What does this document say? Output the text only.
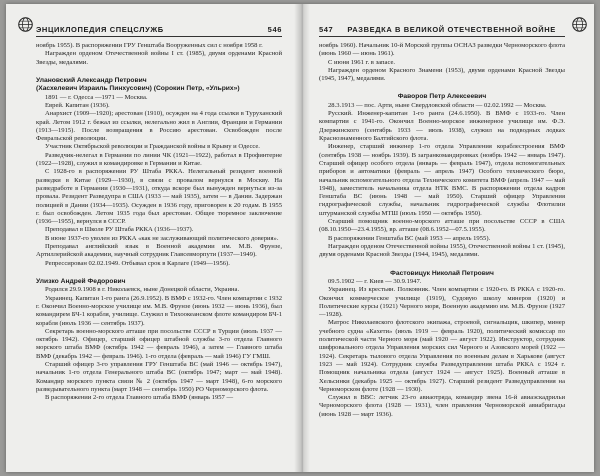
ЭНЦИКЛОПЕДИЯ СПЕЦСЛУЖБ	546

ноябрь 1955). В распоряжении ГРУ Генштаба Вооруженных сил с ноября 1958 г.

Награжден орденом Отечественной войны I ст. (1985), двумя орденами Красной Звезды, медалями.

Улановский Александр Петрович

(Хасхелевич Израиль Пинхусович) (Сорокин Петр, «Ульрих»)

1891 — г. Одесса —1971 — Москва.

Еврей. Капитан (1936).

Анархист (1909—1920); арестован (1910), осужден на 4 года ссылки в Туруханский край. Летом 1912 г. бежал из ссылки, нелегально жил в Англии, Франции и Германии (1913—1915). После возвращения в Россию арестован. Освобожден после Февральской революции.

Участник Октябрьской революции и Гражданской войны в Крыму и Одессе.

Разведчик-нелегал в Германии по линии ЧК (1921—1922), работал в Профинтерне (1922—1928), служил в командировке в Германии и Китае.

С 1928-го в распоряжении РУ Штаба РККА. Нелегальный резидент военной разведки в Китае (1929—1930), в связи с провалом вернулся в Москву. На разведработе в Германии (1930—1931), откуда вскоре был вынужден вернуться из-за провала. Резидент Разведупра в США (1933 — май 1935), затем — в Дании. Задержан полицией в Дании (1934—1935). Осужден в 1936 году, приговорен к 20 годам. В 1955 г. был освобожден. Летом 1935 года был арестован. Общее тюремное заключение (1936—1955), вернулся в СССР.

Преподавал в Школе РУ Штаба РККА (1936—1937).

В июне 1937-го уволен из РККА «как не заслуживающий политического доверия».

Преподавал английский язык в Военной академии им. М.В. Фрунзе, Артиллерийской академии, научный сотрудник Главсевморпути (1937—1949).

Репрессирован 02.02.1949. Отбывал срок в Карлаге (1949—1956).

Улизко Андрей Федорович

Родился 29.9.1908 в г. Николаевск, ныне Донецкой области, Украина.

Украинец. Капитан 1-го ранга (26.9.1952). В ВМФ с 1932-го. Член компартии с 1932 г. Окончил Военно-морское училище им. М.В. Фрунзе (июнь 1932 — июнь 1936), был командирем БЧ-1 корабля, училище. Служил в Тихоокеанском флоте командиром БЧ-1 корабля (июль 1936 — сентябрь 1937).

Секретарь военно-морского атташе при посольстве СССР в Турции (июль 1937 — октябрь 1942). Офицер, старший офицер штабной службы 3-го отдела Главного морского штаба ВМФ (октябрь 1942 — февраль 1946), а затем — Главного штаба ВМФ (декабрь 1942 — февраль 1946). 1-го отдела (февраль — май 1946) ГУ ГМШ.

Старший офицер 3-го управления ГРУ Генштаба ВС (май 1946 — октябрь 1947), начальник 1-го отдела Генерального штаба ВС (октябрь 1947; март — май 1948). Командир морского пункта связи № 2 (октябрь 1947 — март 1948), 6-го морского разведывательного пункта (март 1948 — сентябрь 1950) РО Черноморского флота.

В распоряжении 2-го отдела Главного штаба ВМФ (январь 1957 —

547 РАЗВЕДКА В ВЕЛИКОЙ ОТЕЧЕСТВЕННОЙ ВОЙНЕ

ноябрь 1960). Начальник 10-й Морской группы ОСНАЗ разведки Черноморского флота (июнь 1960 — июнь 1961).

С июня 1961 г. в запасе.

Награжден орденом Красного Знамени (1953), двумя орденами Красной Звезды (1945, 1947), медалями.

Фаворов Петр Алексеевич

28.3.1913 — пос. Арти, ныне Свердловской области — 02.02.1992 — Москва.

Русский. Инженер-капитан 1-го ранга (24.6.1950). В ВМФ с 1933-го. Член компартии с 1941-го. Окончил Военно-морское инженерное училище им. Ф.Э. Дзержинского (сентябрь 1933 — июль 1938), служил на подводных лодках Краснознаменного Балтийского флота.

Инженер, старший инженер 1-го отдела Управления кораблестроения ВМФ (сентябрь 1938 — ноябрь 1939). В загранкомандировках (ноябрь 1942 — январь 1947). Старший офицер особого отдела (январь — февраль 1947), отдела вспомогательных приборов и автоматики (февраль — апрель 1947) Особого технического бюро, начальник вспомогательного отдела Технического комитета ВМФ (апрель 1947 — май 1948), заместитель начальника отдела НТК ВМС. В распоряжении отдела кадров Генштаба ВС (июнь 1948 — май 1950). Старший офицер Управления гидрографической службы, начальник гидрографической службы Флотилии штурманской службы МТШ (июль 1950 — октябрь 1950).

Старший помощник военно-морского атташе при посольстве СССР в США (08.10.1950—23.4.1955), вр. атташе (08.6.1952—07.5.1955).

В распоряжении Генштаба ВС (май 1953 — апрель 1955).

Награжден орденом Отечественной войны 1955), Отечественной войны 1 ст. (1945), двумя орденами Красной Звезды (1944, 1945), медалями.

Фастовицук Николай Петрович

09.5.1902 — г. Киев — 30.9.1947.

Украинец. Из крестьян. Полковник. Член компартии с 1920-го. В РККА с 1920-го. Окончил коммерческое училище (1919), Судовую школу минеров (1920) и Политические курсы (1921) Черного моря, Военную академию им. М.В. Фрунзе (1927—1928).

Матрос Николаевского флотского экипажа, строевой, сигнальщик, шкипер, минер учебного судна «Кахети» (июль 1919 — февраль 1920), политический комиссар по политической части Черного моря (май 1920 — август 1922). Инструктор, сотрудник шифровального отдела Управления морских сил Черного и Азовского морей (1922 — 1924). Секретарь тылового отдела Управления по военным делам в Харькове (август 1923 — май 1924). Сотрудник службы Разведуправления штаба РККА с 1924 г. Помощник начальника отдела (август 1924 — август 1925). Военный атташе в Хельсинки (декабрь 1925 — октябрь 1927). Старший резидент Разведуправления на Черноморском флоте (1928 — 1930).

Служил в ВВС: летчик 23-го авиаотряда, командир звена 16-й авиаэскадрильи Черноморского флота (1928 — 1931), член правления Черноморской авиабригады (июнь 1928 — март 1936).
